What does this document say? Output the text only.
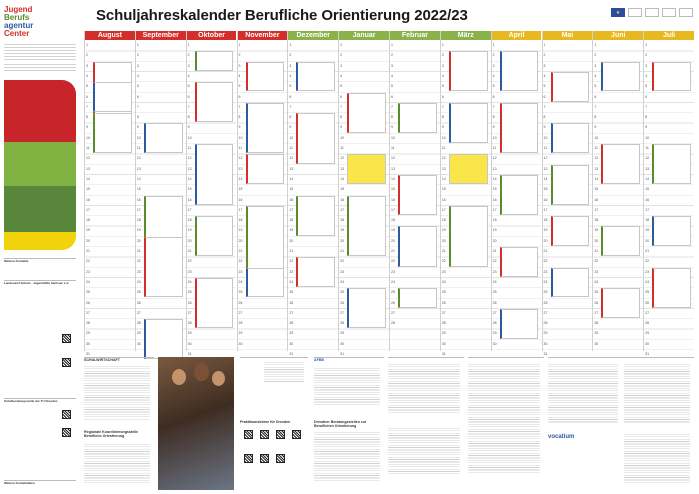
Jugend
Berufs
agentur
Center
Schuljahreskalender Berufliche Orientierung 2022/23	★
Weitere Kontakte
Landesamt Schule - Jugendhilfe Sachsen e.V.
Schulberatungsstelle der TU Dresden
Weitere Kontaktdaten
August
1
2
3
4
5
6
7
8
9
10
11
12
13
14
15
16
17
18
19
20
21
22
23
24
25
26
27
28
29
30
31
September
1
2
3
4
5
6
7
8
9
10
11
12
13
14
15
16
17
18
19
20
21
22
23
24
25
26
27
28
29
30
Oktober
1
2
3
4
5
6
7
8
9
10
11
12
13
14
15
16
17
18
19
20
21
22
23
24
25
26
27
28
29
30
31
November
1
2
3
4
5
6
7
8
9
10
11
12
13
14
15
16
17
18
19
20
21
22
23
24
25
26
27
28
29
30
Dezember
1
2
3
4
5
6
7
8
9
10
11
12
13
14
15
16
17
18
19
20
21
22
23
24
25
26
27
28
29
30
31
Januar
1
2
3
4
5
6
7
8
9
10
11
12
13
14
15
16
17
18
19
20
21
22
23
24
25
26
27
28
29
30
31
Februar
1
2
3
4
5
6
7
8
9
10
11
12
13
14
15
16
17
18
19
20
21
22
23
24
25
26
27
28
März
1
2
3
4
5
6
7
8
9
10
11
12
13
14
15
16
17
18
19
20
21
22
23
24
25
26
27
28
29
30
31
April
1
2
3
4
5
6
7
8
9
10
11
12
13
14
15
16
17
18
19
20
21
22
23
24
25
26
27
28
29
30
Mai
1
2
3
4
5
6
7
8
9
10
11
12
13
14
15
16
17
18
19
20
21
22
23
24
25
26
27
28
29
30
31
Juni
1
2
3
4
5
6
7
8
9
10
11
12
13
14
15
16
17
18
19
20
21
22
23
24
25
26
27
28
29
30
Juli
1
2
3
4
5
6
7
8
9
10
11
12
13
14
15
16
17
18
19
20
21
22
23
24
25
26
27
28
29
30
31
SCHULWIRTSCHAFT
Regionale Koordinierungsstelle Berufliche Orientierung
Praktikumsbörse für Dresden
AFBB
Dresdner Beratungsstellen zur Beruflichen Orientierung
vocatium
